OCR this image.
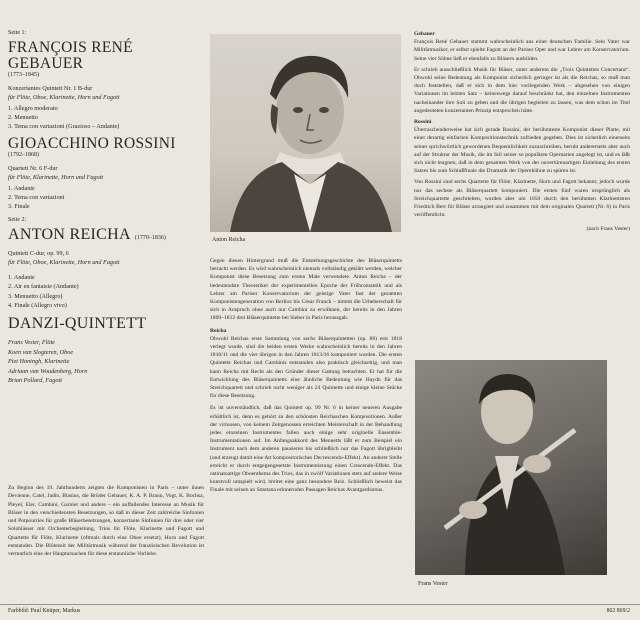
Seite 1:

FRANÇOIS RENÉ GEBAUER

(1773–1845)

Konzertantes Quintett Nr. 1 B-dur

für Flöte, Oboe, Klarinette, Horn und Fagott

1. Allegro moderato
2. Menuetto
3. Tema con variazioni (Grazioso – Andante)

GIOACCHINO ROSSINI

(1792–1868)

Quartett Nr. 6 F-dur

für Flöte, Klarinette, Horn und Fagott

1. Andante
2. Tema con variazioni
3. Finale

Seite 2:

ANTON REICHA (1770–1836)

Quintett C-dur, op. 99, 6

für Flöte, Oboe, Klarinette, Horn und Fagott

1. Andante
2. Air en fantaisie (Andante)
3. Menuetto (Allegro)
4. Finale (Allegro vivo)

DANZI-QUINTETT

Frans Vester, Flöte
Koen van Slogteren, Oboe
Piet Honingh, Klarinette
Adriaan van Woudenberg, Horn
Brian Pollard, Fagott
Zu Beginn des 19. Jahrhunderts zeigten die Komponisten in Paris – unter ihnen Devienne, Catel, Jadin, Blasius, die Brüder Gebauer, K. A. P. Braun, Vogt, K. Bochsa, Pleyel, Eler, Cambini, Garnier und andere – ein auffallendes Interesse an Musik für Bläser in den verschiedensten Besetzungen, so daß in dieser Zeit zahlreiche Sinfonien und Potpourries für große Bläserbesetzungen, konzertante Sinfonien für drei oder vier Soloblässer mit Orchesterbegleitung, Trios für Flöte, Klarinette und Fagott und Quartette für Flöte, Klarinette (oftmals durch eine Oboe ersetzt), Horn und Fagott entstanden. Die Blütezeit der Militärmusik während der französischen Revolution ist vermutlich eine der Hauptursachen für diese erstaunliche Vorliebe.
Anton Reicha

Gegen diesen Hintergrund muß die Entstehungsgeschichte des Bläserquintetts betracht werden. Es wird wahrscheinlich niemals vollständig geklärt werden, welcher Komponist diese Besetzung zum ersten Male verwendete. Anton Reicha – der bedeutendste Theoretiker der experimentellen Epoche der Frühromantik und als Lehrer am Pariser Konservatorium der geistige Vater fast der gesamten Komponistengeneration von Berlioz bis César Franck – nimmt die Urheberschaft für sich in Anspruch ohne auch nur Cambini zu erwähnen, der bereits in den Jahren 1809–1812 drei Bläserquintette bei Sieber in Paris herausgab.

Reicha

Obwohl Reichas erste Sammlung von sechs Bläserquintetten (op. 88) erst 1818 verlegt wurde, sind die beiden ersten Werke wahrscheinlich bereits in den Jahren 1810/11 und die vier übrigen in den Jahren 1813/16 komponiert worden. Die ersten Quintette Reichas und Cambinis entstanden also praktisch gleichzeitig, und man kann Reicha mit Recht als den Gründer dieser Gattung betrachten. Er hat für die Entwicklung des Bläserquintetts eine ähnliche Bedeutung wie Haydn für das Streichquartett und schrieb nicht weniger als 24 Quintette und einige kleine Stücke für diese Besetzung.

Es ist unverständlich, daß das Quintett op. 99 Nr. 6 in keiner neueren Ausgabe erhältlich ist, denn es gehört zu den schönsten Reichaschen Kompositionen. Außer der virtuosen, von keinem Zeitgenossen erreichten Meisterschaft in der Behandlung jedes einzelnen Instrumentes fallen auch einige sehr originelle Ensemble-Instrumentationen auf. Im Anfangsakkord des Menuetts läßt er zum Beispiel ein Instrument nach dem anderen pausieren bis schließlich nur das Fagott übrigbleibt (und erzeugt damit eine Art kompositorisches Decrescendo-Effekt). An anderer Stelle erreicht er durch entgegengesetzte Instrumentierung einen Crescendo-Effekt. Das ostinatoartige Oboenthema des Trios, das in zwölf Variationen stets auf andere Weise kunstvoll umspielt wird, breitet eine ganz besondere Reiz. Schließlich beweist das Finale mit seinen an Smetana erinnernden Passagen Reichas Avantgardismus.

Gebauer

François René Gebauer stammt wahrscheinlich aus einer deutschen Familie. Sein Vater war Militärmusiker, er selbst spielte Fagott an der Pariser Oper und war Lehrer am Konservatorium. Seine vier Söhne ließ er ebenfalls zu Bläsern ausbilden.

Er schrieb ausschließlich Musik für Bläser, unter anderem die „Trois Quintettes Concertans“. Obwohl seine Bedeutung als Komponist sicherlich geringer ist als die Reichas, so muß man doch feststellen, daß er sich in dem hier vorliegenden Werk – abgesehen von einigen Variationen im letzten Satz – keineswegs darauf beschränkt hat, den einzelnen Instrumenten nacheinander ihre Soli zu geben und die übrigen begleiten zu lassen, was dem schon im Titel angedeuteten konzertanten Prinzip entsprochen hätte.

Rossini

Überraschenderweise hat sich gerade Rossini, der berühmteste Komponist dieser Platte, mit einer derartig einfachen Kompositionstechnik zufrieden gegeben. Dies ist sicherlich einerseits seiner sprichwörtlich gewordenen Bequemlichkeit zuzuschreiben, beruht andererseits aber auch auf der Struktur der Musik, die im Stil seiner so populären Opernarien angelegt ist, und es läßt sich nicht leugnen, daß in dem gesamten Werk von der ouvertürenartigen Einleitung des ersten Satzes bis zum Schlußfinale die Dramatik der Opernbühne zu spüren ist.

Von Rossini sind sechs Quartette für Flöte, Klarinette, Horn und Fagott bekannt; jedoch wurde nur das sechste als Bläserquartett komponiert. Die ersten fünf waren ursprünglich als Streichquartette geschrieben, wurden aber um 1850 durch den berühmten Klarinettisten Friedrich Berr für Bläser arrangiert und zusammen mit dem originalen Quartett (Nr. 6) in Paris veröffentlicht.

(nach Frans Vester)

Frans Vester
Farbbild: Paul Knüper, Markus	802 869/2
